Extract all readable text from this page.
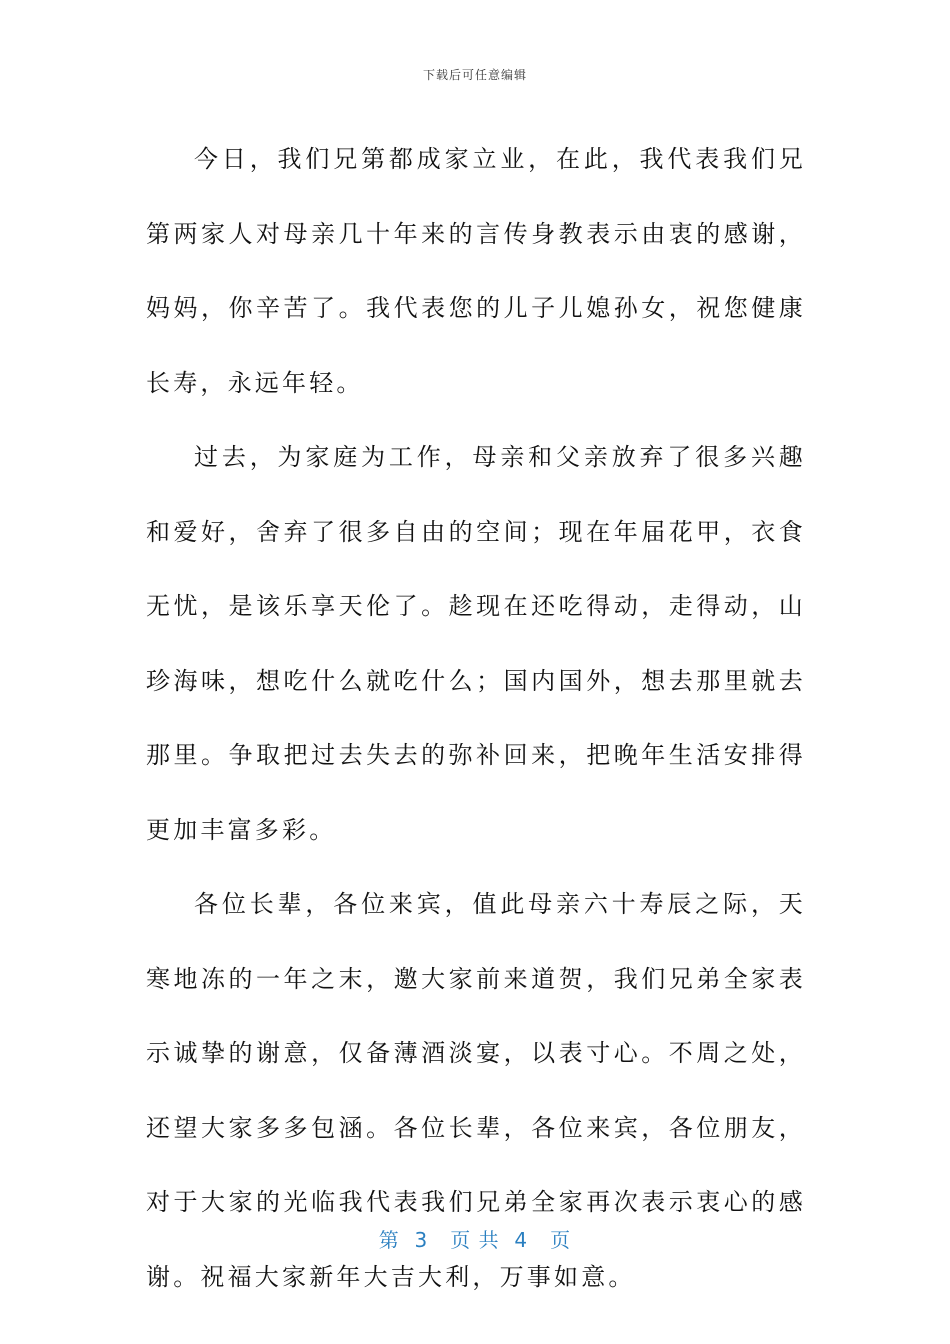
下载后可任意编辑

今日，我们兄第都成家立业，在此，我代表我们兄第两家人对母亲几十年来的言传身教表示由衷的感谢，妈妈，你辛苦了。我代表您的儿子儿媳孙女，祝您健康长寿，永远年轻。

过去，为家庭为工作，母亲和父亲放弃了很多兴趣和爱好，舍弃了很多自由的空间；现在年届花甲，衣食无忧，是该乐享天伦了。趁现在还吃得动，走得动，山珍海味，想吃什么就吃什么；国内国外，想去那里就去那里。争取把过去失去的弥补回来，把晚年生活安排得更加丰富多彩。

各位长辈，各位来宾，值此母亲六十寿辰之际，天寒地冻的一年之末，邀大家前来道贺，我们兄弟全家表示诚挚的谢意，仅备薄酒淡宴，以表寸心。不周之处，还望大家多多包涵。各位长辈，各位来宾，各位朋友，对于大家的光临我代表我们兄弟全家再次表示衷心的感谢。祝福大家新年大吉大利，万事如意。

第  3   页 共  4   页
